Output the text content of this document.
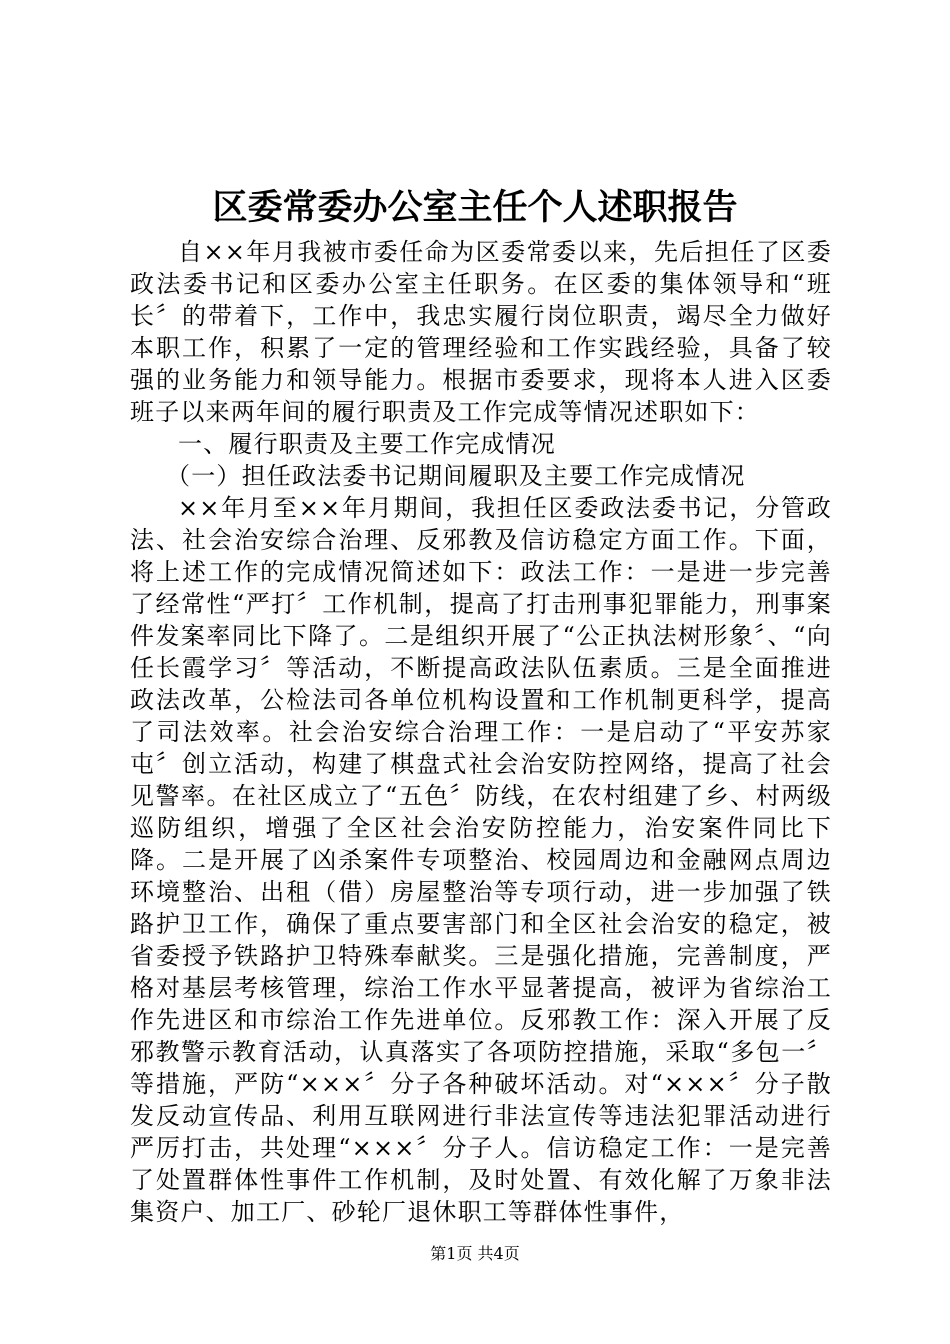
区委常委办公室主任个人述职报告

自××年月我被市委任命为区委常委以来，先后担任了区委政法委书记和区委办公室主任职务。在区委的集体领导和“班长〞的带着下，工作中，我忠实履行岗位职责，竭尽全力做好本职工作，积累了一定的管理经验和工作实践经验，具备了较强的业务能力和领导能力。根据市委要求，现将本人进入区委班子以来两年间的履行职责及工作完成等情况述职如下：

一、履行职责及主要工作完成情况

（一）担任政法委书记期间履职及主要工作完成情况

××年月至××年月期间，我担任区委政法委书记，分管政法、社会治安综合治理、反邪教及信访稳定方面工作。下面，将上述工作的完成情况简述如下：政法工作：一是进一步完善了经常性“严打〞工作机制，提高了打击刑事犯罪能力，刑事案件发案率同比下降了。二是组织开展了“公正执法树形象〞、“向任长霞学习〞等活动，不断提高政法队伍素质。三是全面推进政法改革，公检法司各单位机构设置和工作机制更科学，提高了司法效率。社会治安综合治理工作：一是启动了“平安苏家屯〞创立活动，构建了棋盘式社会治安防控网络，提高了社会见警率。在社区成立了“五色〞防线，在农村组建了乡、村两级巡防组织，增强了全区社会治安防控能力，治安案件同比下降。二是开展了凶杀案件专项整治、校园周边和金融网点周边环境整治、出租（借）房屋整治等专项行动，进一步加强了铁路护卫工作，确保了重点要害部门和全区社会治安的稳定，被省委授予铁路护卫特殊奉献奖。三是强化措施，完善制度，严格对基层考核管理，综治工作水平显著提高，被评为省综治工作先进区和市综治工作先进单位。反邪教工作：深入开展了反邪教警示教育活动，认真落实了各项防控措施，采取“多包一〞等措施，严防“×××〞分子各种破坏活动。对“×××〞分子散发反动宣传品、利用互联网进行非法宣传等违法犯罪活动进行严厉打击，共处理“×××〞分子人。信访稳定工作：一是完善了处置群体性事件工作机制，及时处置、有效化解了万象非法集资户、加工厂、砂轮厂退休职工等群体性事件，

第1页 共4页
